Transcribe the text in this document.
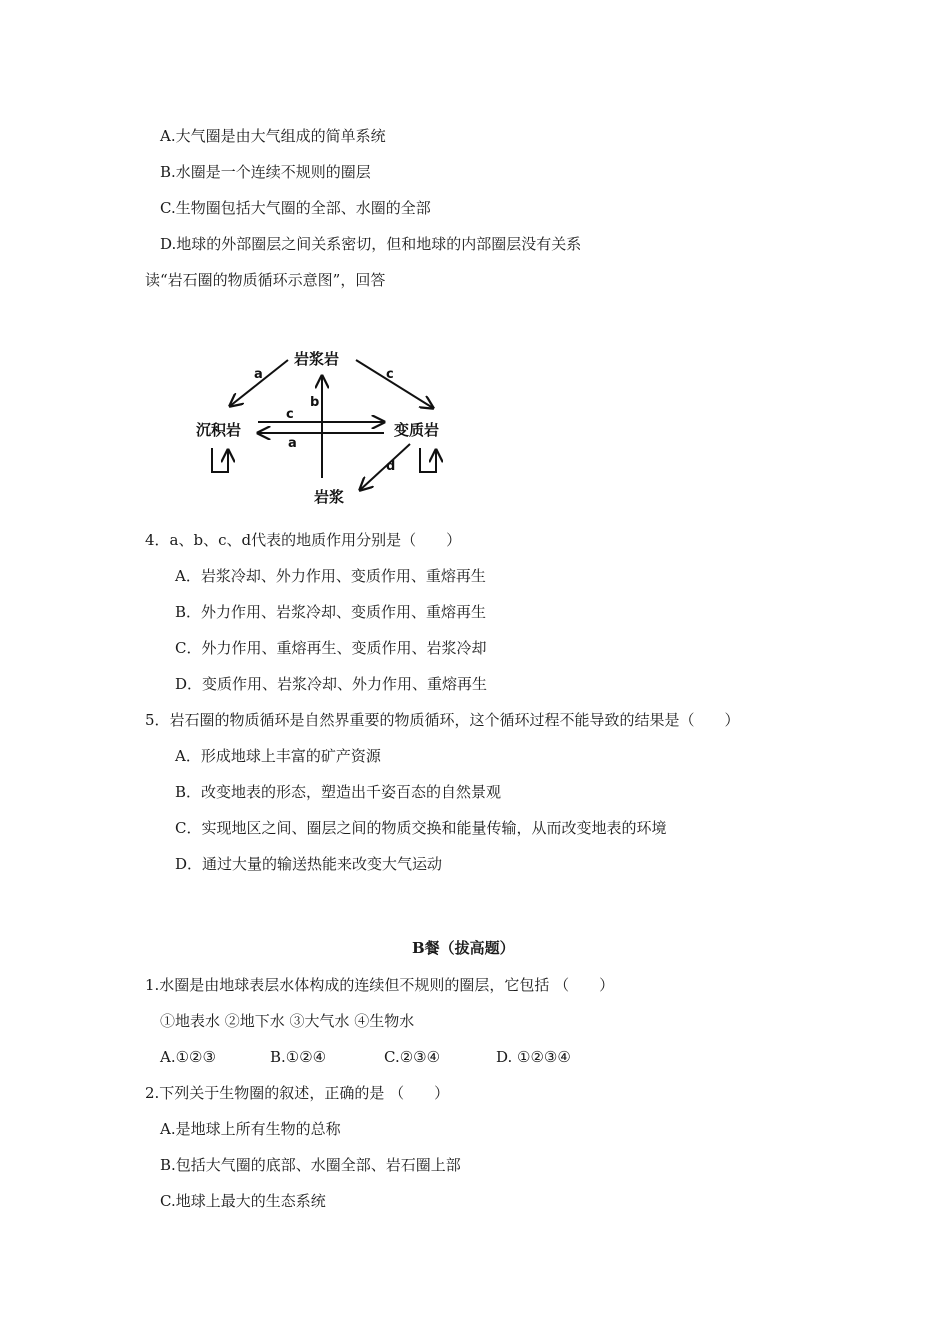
A.大气圈是由大气组成的简单系统
B.水圈是一个连续不规则的圈层
C.生物圈包括大气圈的全部、水圈的全部
D.地球的外部圈层之间关系密切，但和地球的内部圈层没有关系
读“岩石圈的物质循环示意图”，回答
岩浆岩
沉积岩	变质岩
岩浆
a	c
c
a
b
d
4．a、b、c、d代表的地质作用分别是（　　）
A．岩浆冷却、外力作用、变质作用、重熔再生
B．外力作用、岩浆冷却、变质作用、重熔再生
C．外力作用、重熔再生、变质作用、岩浆冷却
D．变质作用、岩浆冷却、外力作用、重熔再生
5．岩石圈的物质循环是自然界重要的物质循环，这个循环过程不能导致的结果是（　　）
A．形成地球上丰富的矿产资源
B．改变地表的形态，塑造出千姿百态的自然景观
C．实现地区之间、圈层之间的物质交换和能量传输，从而改变地表的环境
D．通过大量的输送热能来改变大气运动
B餐（拔高题）
1.水圈是由地球表层水体构成的连续但不规则的圈层，它包括 （　　）
①地表水 ②地下水 ③大气水 ④生物水
A.①②③	B.①②④	C.②③④	D. ①②③④
2.下列关于生物圈的叙述，正确的是 （　　）
A.是地球上所有生物的总称
B.包括大气圈的底部、水圈全部、岩石圈上部
C.地球上最大的生态系统
